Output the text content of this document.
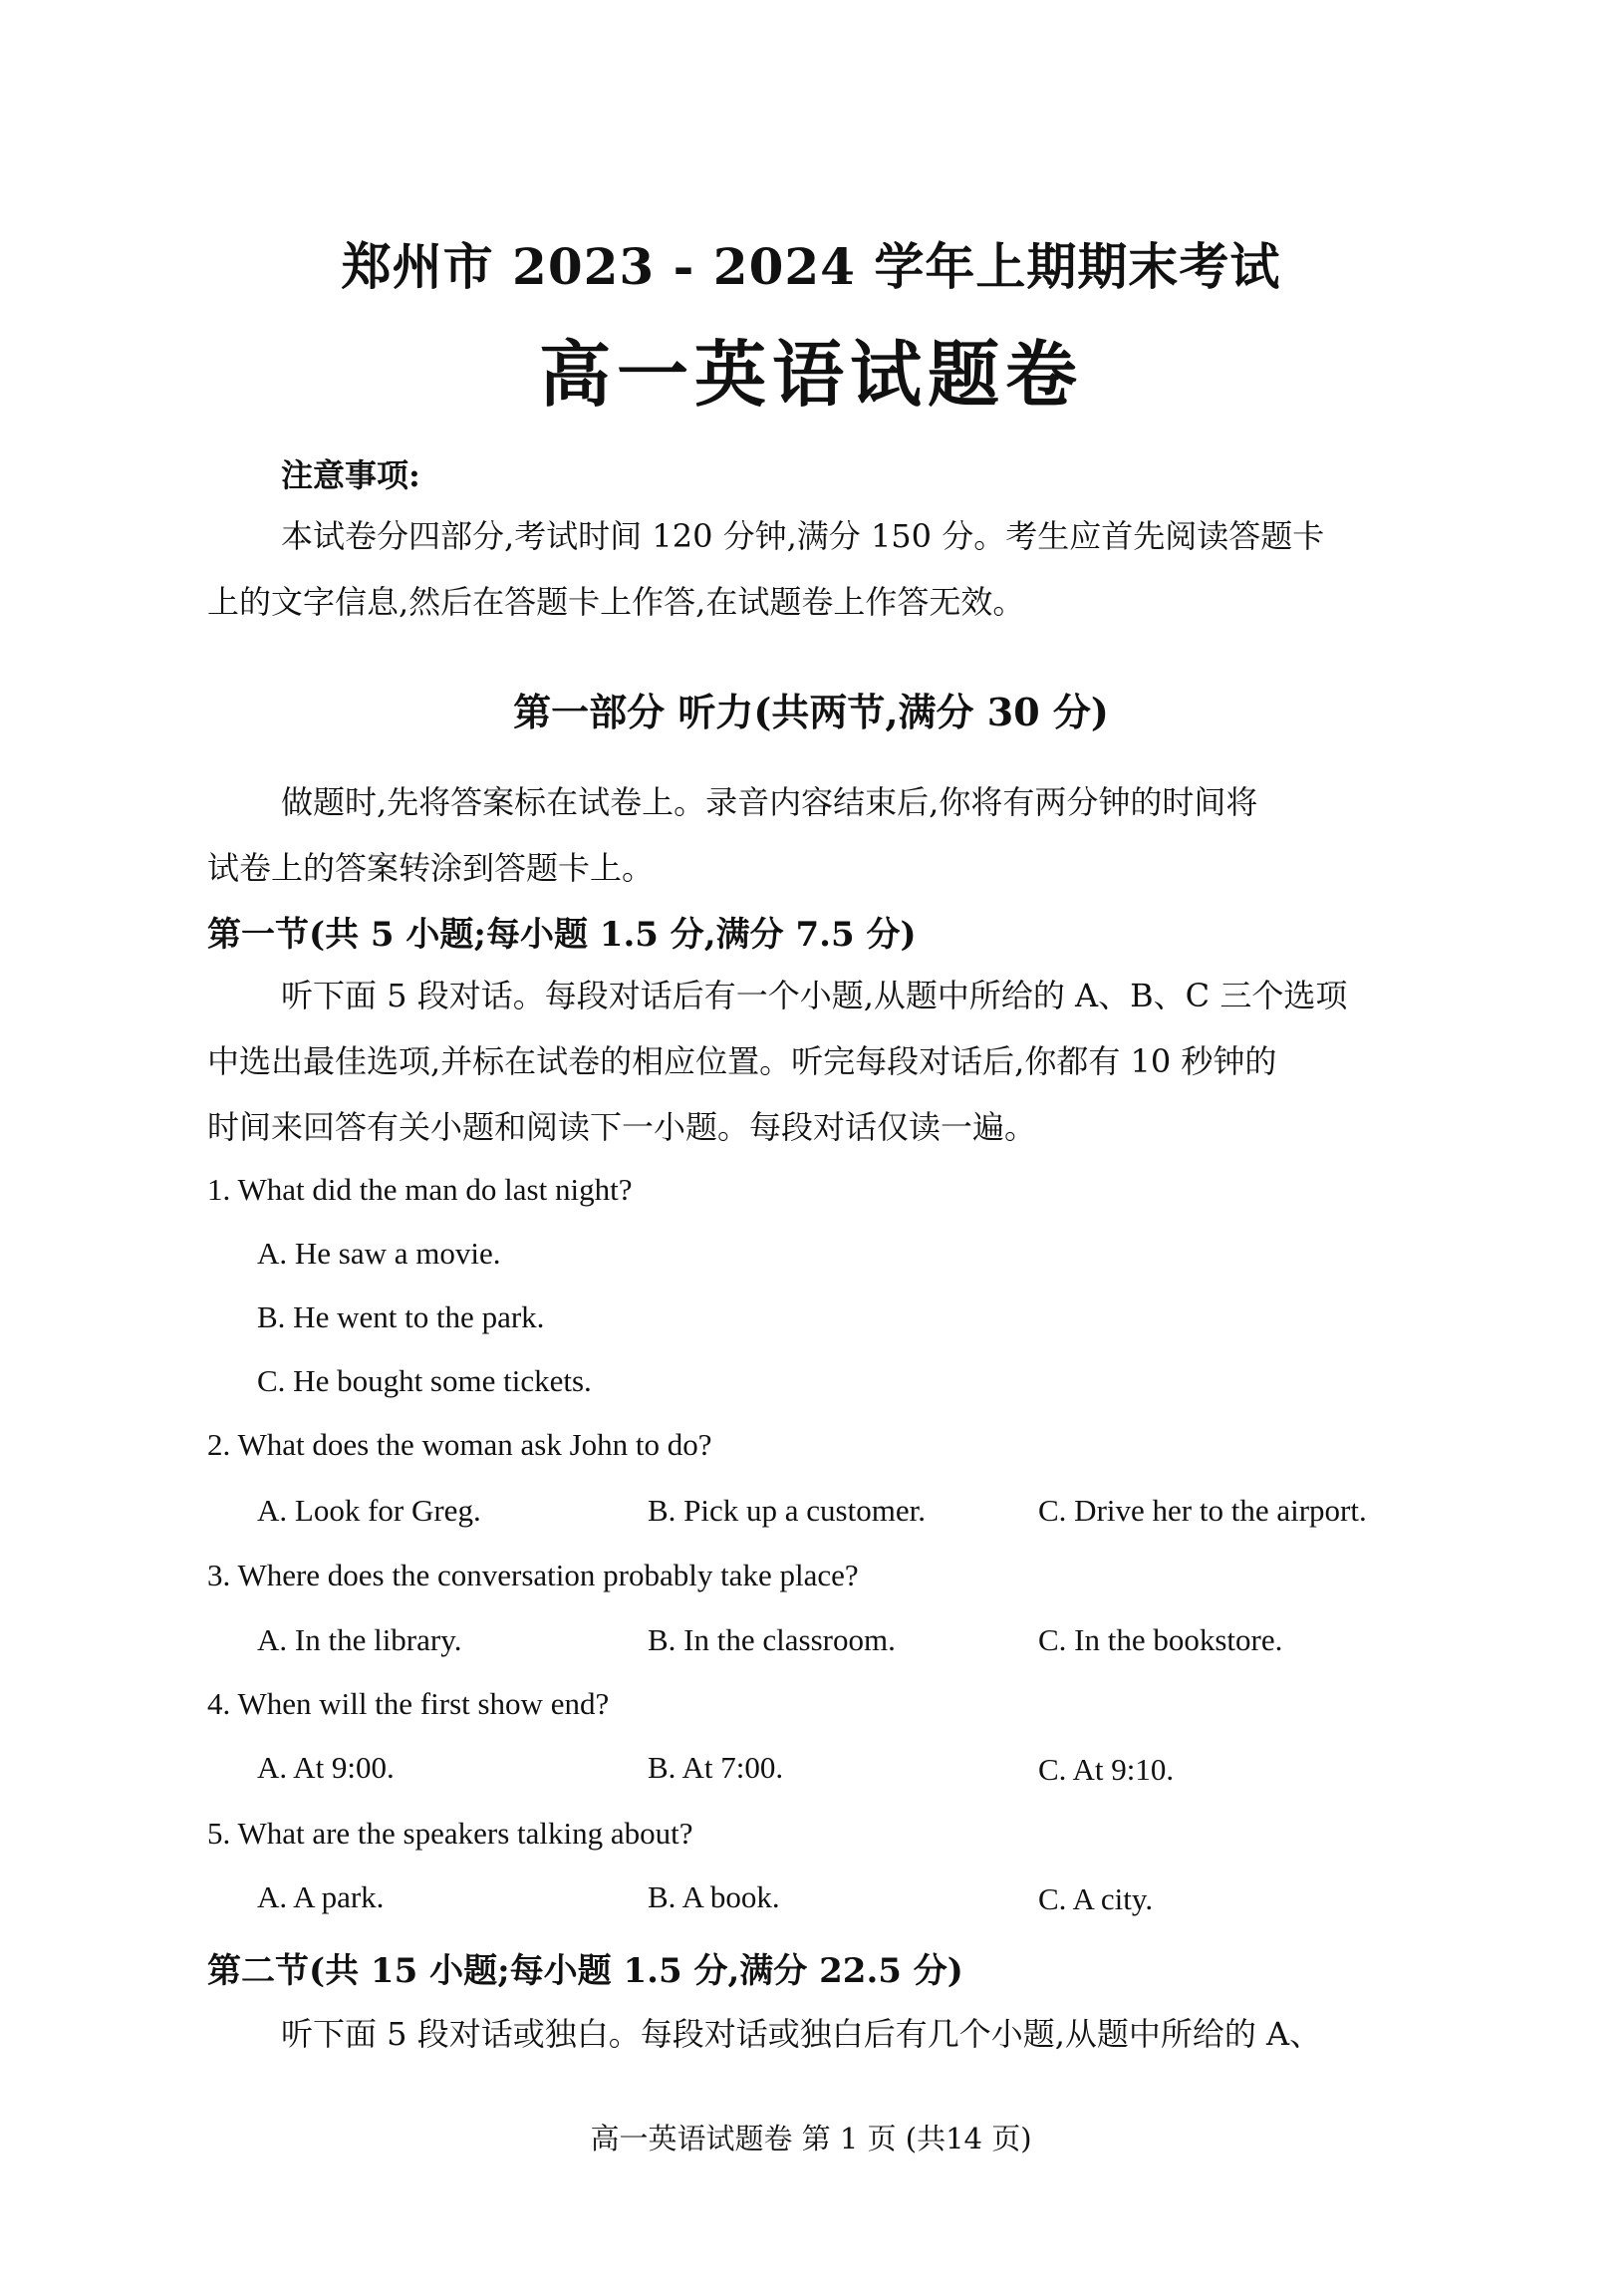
郑州市 2023 - 2024 学年上期期末考试
高一英语试题卷
注意事项:
本试卷分四部分,考试时间 120 分钟,满分 150 分。考生应首先阅读答题卡
上的文字信息,然后在答题卡上作答,在试题卷上作答无效。
第一部分 听力(共两节,满分 30 分)
做题时,先将答案标在试卷上。录音内容结束后,你将有两分钟的时间将
试卷上的答案转涂到答题卡上。
第一节(共 5 小题;每小题 1.5 分,满分 7.5 分)
听下面 5 段对话。每段对话后有一个小题,从题中所给的 A、B、C 三个选项
中选出最佳选项,并标在试卷的相应位置。听完每段对话后,你都有 10 秒钟的
时间来回答有关小题和阅读下一小题。每段对话仅读一遍。
1. What did the man do last night?
A. He saw a movie.
B. He went to the park.
C. He bought some tickets.
2. What does the woman ask John to do?
A. Look for Greg.	B. Pick up a customer.	C. Drive her to the airport.
3. Where does the conversation probably take place?
A. In the library.	B. In the classroom.	C. In the bookstore.
4. When will the first show end?
A. At 9:00.	B. At 7:00.	C. At 9:10.
5. What are the speakers talking about?
A. A park.	B. A book.	C. A city.
第二节(共 15 小题;每小题 1.5 分,满分 22.5 分)
听下面 5 段对话或独白。每段对话或独白后有几个小题,从题中所给的 A、
高一英语试题卷 第 1 页 (共14 页)
